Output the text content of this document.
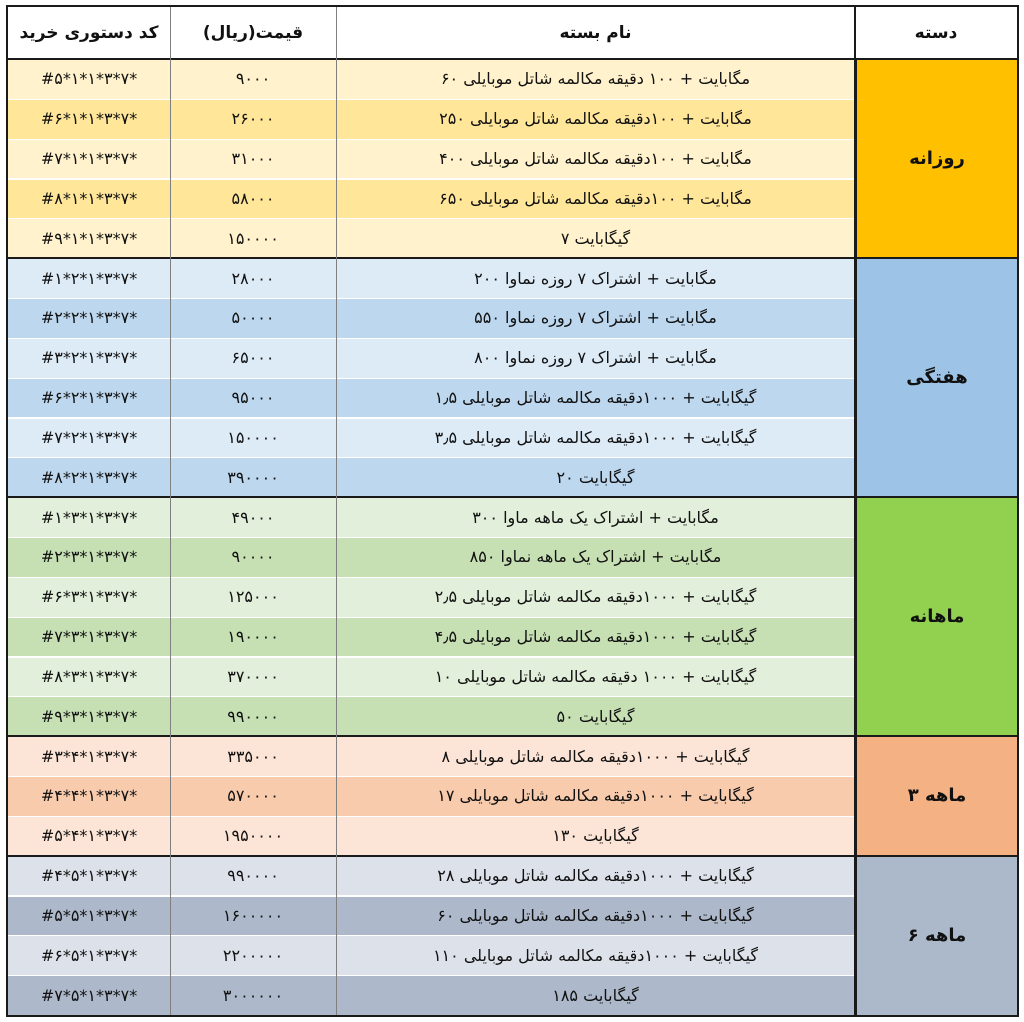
کد دستوری خرید	قیمت(ریال)	نام بسته	دسته
#۵*۱*۱*۳*۷*	۹۰۰۰	۶۰ مگابایت + ۱۰۰ دقیقه مکالمه شاتل موبایلی
#۶*۱*۱*۳*۷*	۲۶۰۰۰	۲۵۰ مگابایت + ۱۰۰دقیقه مکالمه شاتل موبایلی
#۷*۱*۱*۳*۷*	۳۱۰۰۰	۴۰۰ مگابایت + ۱۰۰دقیقه مکالمه شاتل موبایلی
#۸*۱*۱*۳*۷*	۵۸۰۰۰	۶۵۰ مگابایت + ۱۰۰دقیقه مکالمه شاتل موبایلی
#۹*۱*۱*۳*۷*	۱۵۰۰۰۰	۷ گیگابایت
روزانه
#۱*۲*۱*۳*۷*	۲۸۰۰۰	۲۰۰ مگابایت + اشتراک ۷ روزه نماوا
#۲*۲*۱*۳*۷*	۵۰۰۰۰	۵۵۰ مگابایت + اشتراک ۷ روزه نماوا
#۳*۲*۱*۳*۷*	۶۵۰۰۰	۸۰۰ مگابایت + اشتراک ۷ روزه نماوا
#۶*۲*۱*۳*۷*	۹۵۰۰۰	۱٫۵ گیگابایت + ۱۰۰۰دقیقه مکالمه شاتل موبایلی
#۷*۲*۱*۳*۷*	۱۵۰۰۰۰	۳٫۵ گیگابایت + ۱۰۰۰دقیقه مکالمه شاتل موبایلی
#۸*۲*۱*۳*۷*	۳۹۰۰۰۰	۲۰ گیگابایت
هفتگی
#۱*۳*۱*۳*۷*	۴۹۰۰۰	۳۰۰ مگابایت + اشتراک یک ماهه ماوا
#۲*۳*۱*۳*۷*	۹۰۰۰۰	۸۵۰ مگابایت + اشتراک یک ماهه نماوا
#۶*۳*۱*۳*۷*	۱۲۵۰۰۰	۲٫۵ گیگابایت + ۱۰۰۰دقیقه مکالمه شاتل موبایلی
#۷*۳*۱*۳*۷*	۱۹۰۰۰۰	۴٫۵ گیگابایت + ۱۰۰۰دقیقه مکالمه شاتل موبایلی
#۸*۳*۱*۳*۷*	۳۷۰۰۰۰	۱۰ گیگابایت + ۱۰۰۰ دقیقه مکالمه شاتل موبایلی
#۹*۳*۱*۳*۷*	۹۹۰۰۰۰	۵۰ گیگابایت
ماهانه
#۳*۴*۱*۳*۷*	۳۳۵۰۰۰	۸ گیگابایت + ۱۰۰۰دقیقه مکالمه شاتل موبایلی
#۴*۴*۱*۳*۷*	۵۷۰۰۰۰	۱۷ گیگابایت + ۱۰۰۰دقیقه مکالمه شاتل موبایلی
#۵*۴*۱*۳*۷*	۱۹۵۰۰۰۰	۱۳۰ گیگابایت
۳ ماهه
#۴*۵*۱*۳*۷*	۹۹۰۰۰۰	۲۸ گیگابایت + ۱۰۰۰دقیقه مکالمه شاتل موبایلی
#۵*۵*۱*۳*۷*	۱۶۰۰۰۰۰	۶۰ گیگابایت + ۱۰۰۰دقیقه مکالمه شاتل موبایلی
#۶*۵*۱*۳*۷*	۲۲۰۰۰۰۰	۱۱۰ گیگابایت + ۱۰۰۰دقیقه مکالمه شاتل موبایلی
#۷*۵*۱*۳*۷*	۳۰۰۰۰۰۰	۱۸۵ گیگابایت
۶ ماهه
